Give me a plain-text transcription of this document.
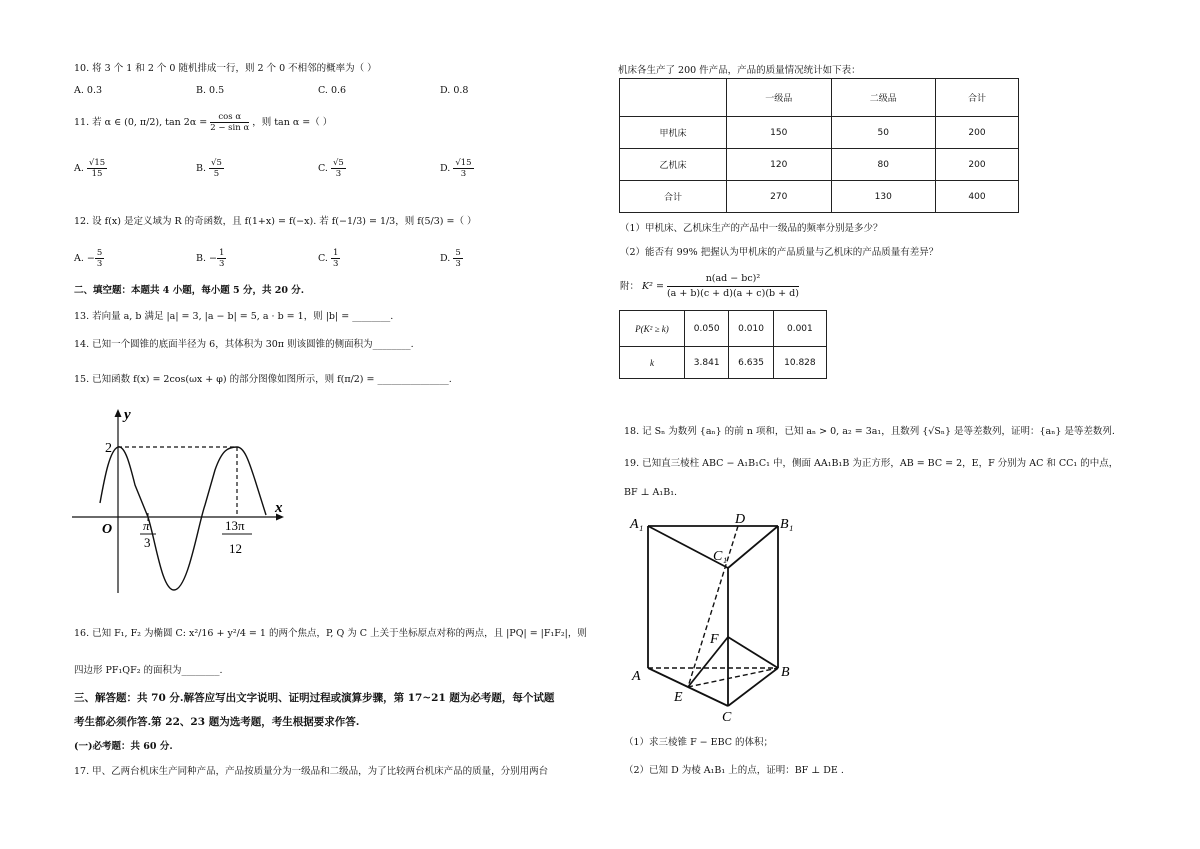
10. 将 3 个 1 和 2 个 0 随机排成一行，则 2 个 0 不相邻的概率为（ ）
A. 0.3	B. 0.5	C. 0.6	D. 0.8
11. 若 α ∈ (0, π/2), $\tan 2\alpha = \frac{\text{cos α}}{\text{2 − sin α}}$ ，则 tan α =（ ）
A. $\frac{√15}{15}$	B. $\frac{√5}{5}$	C. $\frac{√5}{3}$	D. $\frac{√15}{3}$
12. 设 f(x) 是定义域为 R 的奇函数，且 f(1+x) = f(−x). 若 f(−1/3) = 1/3，则 f(5/3) =（ ）
A. − $\frac{5}{3}$	B. − $\frac{1}{3}$	C. $\frac{1}{3}$	D. $\frac{5}{3}$
二、填空题：本题共 4 小题，每小题 5 分，共 20 分.
13. 若向量 a, b 满足 |a| = 3, |a − b| = 5, a · b = 1，则 |b| = ________.
14. 已知一个圆锥的底面半径为 6，其体积为 30π 则该圆锥的侧面积为________.
15. 已知函数 f(x) = 2cos(ωx + φ) 的部分图像如图所示，则 f(π/2) = _______________.
y
x
O
2
π
3
13π
12
16. 已知 F₁, F₂ 为椭圆 C: x²/16 + y²/4 = 1 的两个焦点，P, Q 为 C 上关于坐标原点对称的两点，且 |PQ| = |F₁F₂|，则
四边形 PF₁QF₂ 的面积为________.
三、解答题：共 70 分.解答应写出文字说明、证明过程或演算步骤，第 17~21 题为必考题，每个试题
考生都必须作答.第 22、23 题为选考题，考生根据要求作答.
(一)必考题：共 60 分.
17. 甲、乙两台机床生产同种产品，产品按质量分为一级品和二级品，为了比较两台机床产品的质量，分别用两台
机床各生产了 200 件产品，产品的质量情况统计如下表：
	一级品	二级品	合计
甲机床	150	50	200
乙机床	120	80	200
合计	270	130	400
（1）甲机床、乙机床生产的产品中一级品的频率分别是多少？
（2）能否有 99% 把握认为甲机床的产品质量与乙机床的产品质量有差异？
附： $K^2 = \frac{\text{n(ad − bc)²}}{(a + b)(c + d)(a + c)(b + d)}$
P(K² ≥ k)	0.050	0.010	0.001
k	3.841	6.635	10.828
18. 记 Sₙ 为数列 {aₙ} 的前 n 项和，已知 aₙ > 0, a₂ = 3a₁，且数列 {√Sₙ} 是等差数列，证明：{aₙ} 是等差数列.
19. 已知直三棱柱 ABC − A₁B₁C₁ 中，侧面 AA₁B₁B 为正方形，AB = BC = 2，E，F 分别为 AC 和 CC₁ 的中点，
BF ⊥ A₁B₁.
A₁	D B₁
C₁
F
A	B
E
C
（1）求三棱锥 F − EBC 的体积；
（2）已知 D 为棱 A₁B₁ 上的点，证明：BF ⊥ DE .
